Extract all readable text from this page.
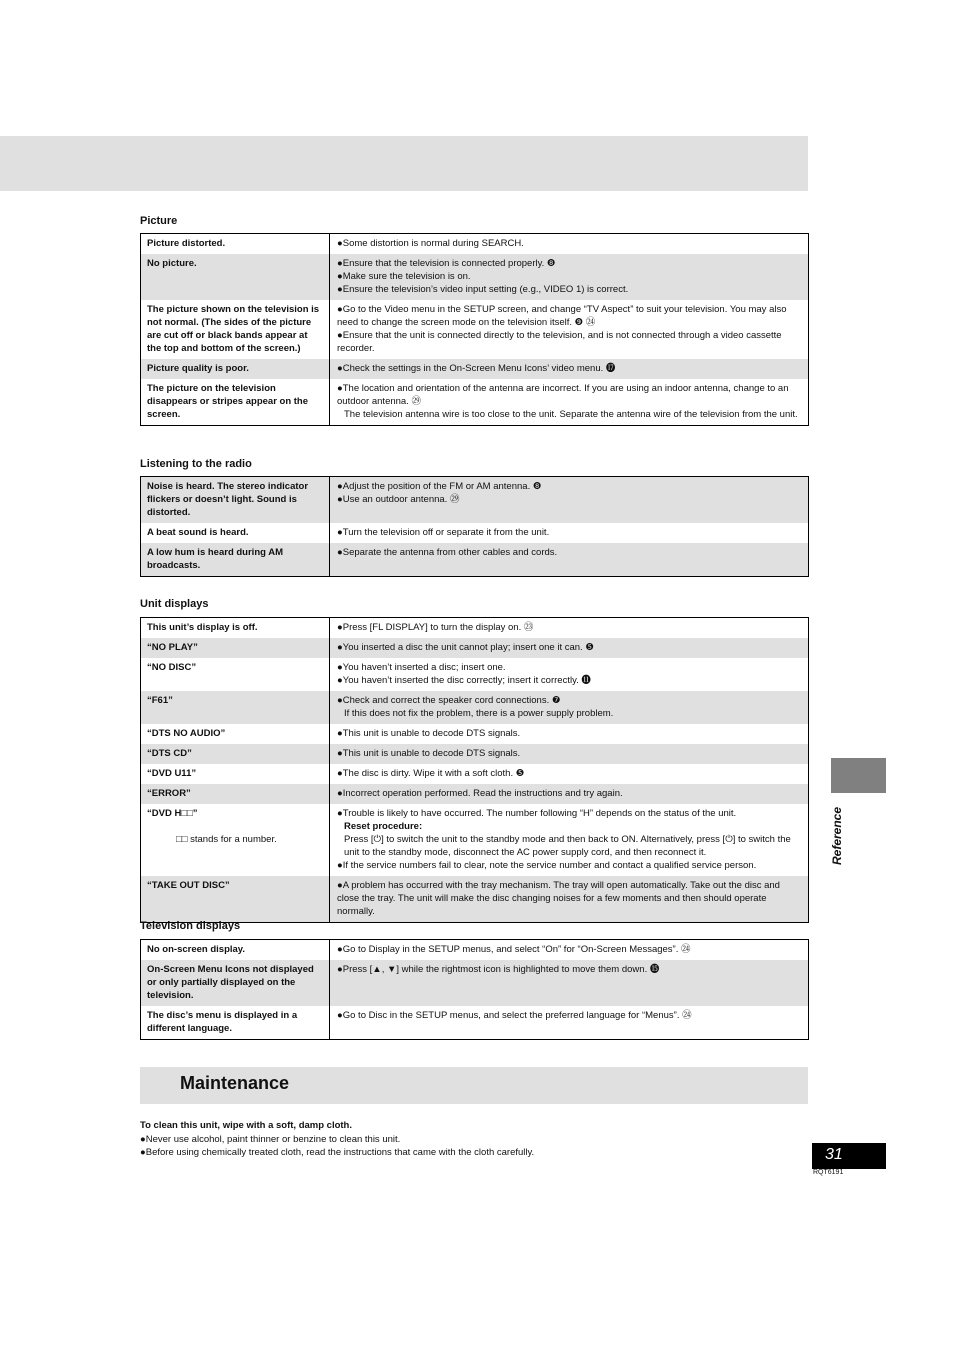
Picture
Picture distorted.	●Some distortion is normal during SEARCH.

No picture.	●Ensure that the television is connected properly. ❽
●Make sure the television is on.
●Ensure the television’s video input setting (e.g., VIDEO 1) is correct.

The picture shown on the television is not normal. (The sides of the picture are cut off or black bands appear at the top and bottom of the screen.)	●Go to the Video menu in the SETUP screen, and change “TV Aspect” to suit your television. You may also need to change the screen mode on the television itself. ❾ ㉔
●Ensure that the unit is connected directly to the television, and is not connected through a video cassette recorder.

Picture quality is poor.	●Check the settings in the On-Screen Menu Icons’ video menu. ⓱

The picture on the television disappears or stripes appear on the screen.	●The location and orientation of the antenna are incorrect. If you are using an indoor antenna, change to an outdoor antenna. ㉙
The television antenna wire is too close to the unit. Separate the antenna wire of the television from the unit.
Listening to the radio
Noise is heard. The stereo indicator flickers or doesn’t light. Sound is distorted.	●Adjust the position of the FM or AM antenna. ❽
●Use an outdoor antenna. ㉙

A beat sound is heard.	●Turn the television off or separate it from the unit.

A low hum is heard during AM broadcasts.	●Separate the antenna from other cables and cords.
Unit displays
This unit’s display is off.	●Press [FL DISPLAY] to turn the display on. ㉓

“NO PLAY”	●You inserted a disc the unit cannot play; insert one it can. ❺

“NO DISC”	●You haven’t inserted a disc; insert one.
●You haven’t inserted the disc correctly; insert it correctly. ⓫

“F61”	●Check and correct the speaker cord connections. ❼
If this does not fix the problem, there is a power supply problem.

“DTS NO AUDIO”	●This unit is unable to decode DTS signals.

“DTS CD”	●This unit is unable to decode DTS signals.

“DVD U11”	●The disc is dirty. Wipe it with a soft cloth. ❺

“ERROR”	●Incorrect operation performed. Read the instructions and try again.

“DVD H□□”
□□ stands for a number.	●Trouble is likely to have occurred. The number following “H” depends on the status of the unit.
Reset procedure:
Press [⏻] to switch the unit to the standby mode and then back to ON. Alternatively, press [⏻] to switch the unit to the standby mode, disconnect the AC power supply cord, and then reconnect it.
●If the service numbers fail to clear, note the service number and contact a qualified service person.

“TAKE OUT DISC”	●A problem has occurred with the tray mechanism. The tray will open automatically. Take out the disc and close the tray. The unit will make the disc changing noises for a few moments and then should operate normally.
Television displays
No on-screen display.	●Go to Display in the SETUP menus, and select “On” for “On-Screen Messages”. ㉔

On-Screen Menu Icons not displayed or only partially displayed on the television.	●Press [▲, ▼] while the rightmost icon is highlighted to move them down. ⓯

The disc’s menu is displayed in a different language.	●Go to Disc in the SETUP menus, and select the preferred language for “Menus”. ㉔
Maintenance
To clean this unit, wipe with a soft, damp cloth.
●Never use alcohol, paint thinner or benzine to clean this unit.
●Before using chemically treated cloth, read the instructions that came with the cloth carefully.
Reference
31
RQT6191
